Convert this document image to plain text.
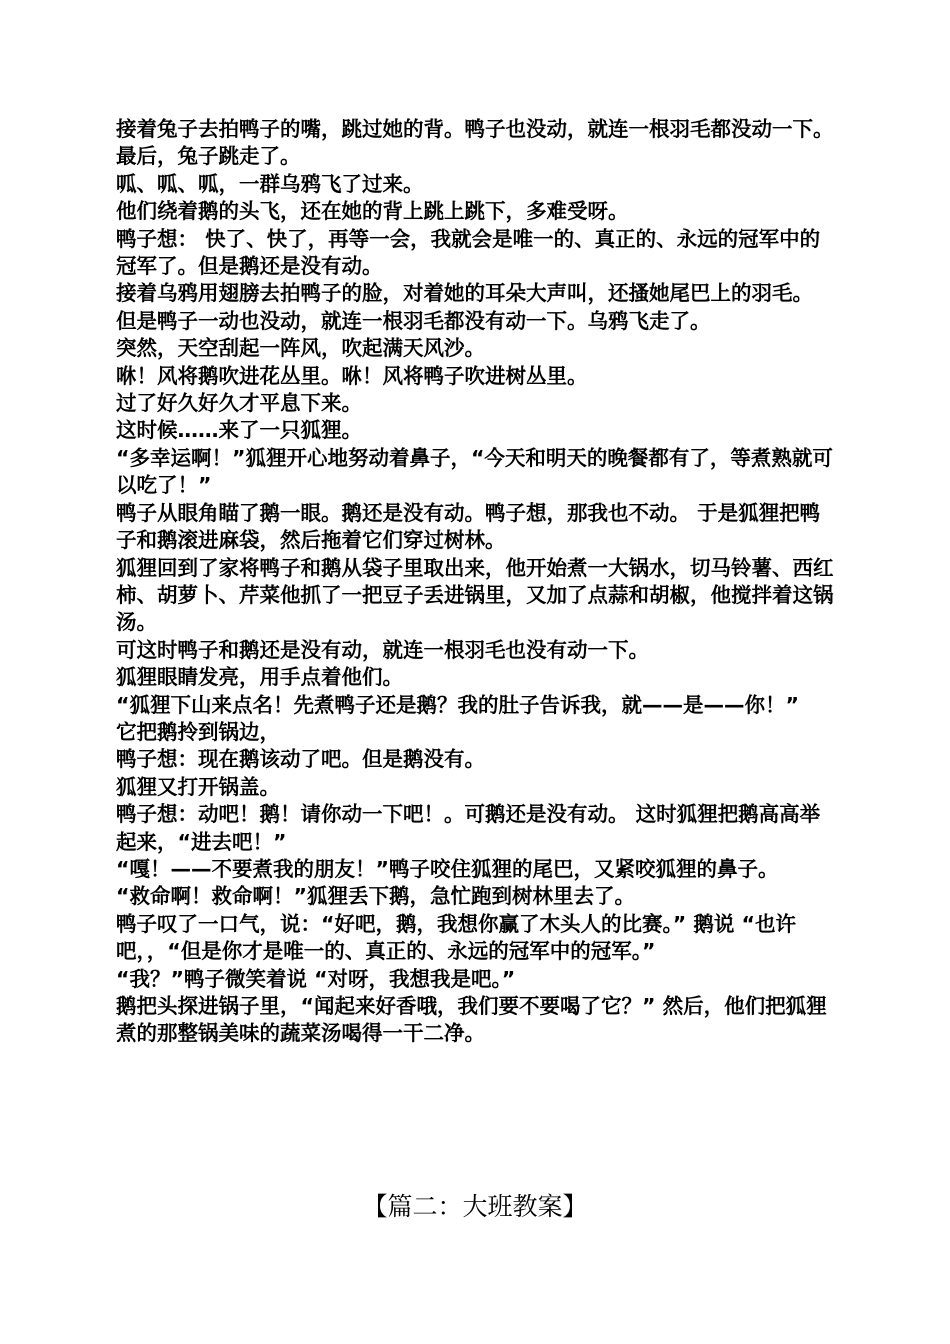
接着兔子去拍鸭子的嘴，跳过她的背。鸭子也没动，就连一根羽毛都没动一下。

最后，兔子跳走了。

呱、呱、呱，一群乌鸦飞了过来。

他们绕着鹅的头飞，还在她的背上跳上跳下，多难受呀。

鸭子想： 快了、快了，再等一会，我就会是唯一的、真正的、永远的冠军中的冠军了。但是鹅还是没有动。

接着乌鸦用翅膀去拍鸭子的脸，对着她的耳朵大声叫，还搔她尾巴上的羽毛。

但是鸭子一动也没动，就连一根羽毛都没有动一下。乌鸦飞走了。

突然，天空刮起一阵风，吹起满天风沙。

咻！风将鹅吹进花丛里。咻！风将鸭子吹进树丛里。

过了好久好久才平息下来。

这时候……来了一只狐狸。

“多幸运啊！”狐狸开心地努动着鼻子，“今天和明天的晚餐都有了，等煮熟就可以吃了！”

鸭子从眼角瞄了鹅一眼。鹅还是没有动。鸭子想，那我也不动。 于是狐狸把鸭子和鹅滚进麻袋，然后拖着它们穿过树林。

狐狸回到了家将鸭子和鹅从袋子里取出来，他开始煮一大锅水，切马铃薯、西红柿、胡萝卜、芹菜他抓了一把豆子丢进锅里，又加了点蒜和胡椒，他搅拌着这锅汤。

可这时鸭子和鹅还是没有动，就连一根羽毛也没有动一下。

狐狸眼睛发亮，用手点着他们。

“狐狸下山来点名！先煮鸭子还是鹅？我的肚子告诉我，就——是——你！”

它把鹅拎到锅边，

鸭子想：现在鹅该动了吧。但是鹅没有。

狐狸又打开锅盖。

鸭子想：动吧！鹅！请你动一下吧！。可鹅还是没有动。 这时狐狸把鹅高高举起来，“进去吧！”

“嘎！——不要煮我的朋友！”鸭子咬住狐狸的尾巴，又紧咬狐狸的鼻子。

“救命啊！救命啊！”狐狸丢下鹅，急忙跑到树林里去了。

鸭子叹了一口气，说：“好吧，鹅，我想你赢了木头人的比赛。” 鹅说 “也许吧，，“但是你才是唯一的、真正的、永远的冠军中的冠军。”

“我？”鸭子微笑着说 “对呀，我想我是吧。”

鹅把头探进锅子里，“闻起来好香哦，我们要不要喝了它？” 然后，他们把狐狸煮的那整锅美味的蔬菜汤喝得一干二净。

【篇二：大班教案】
